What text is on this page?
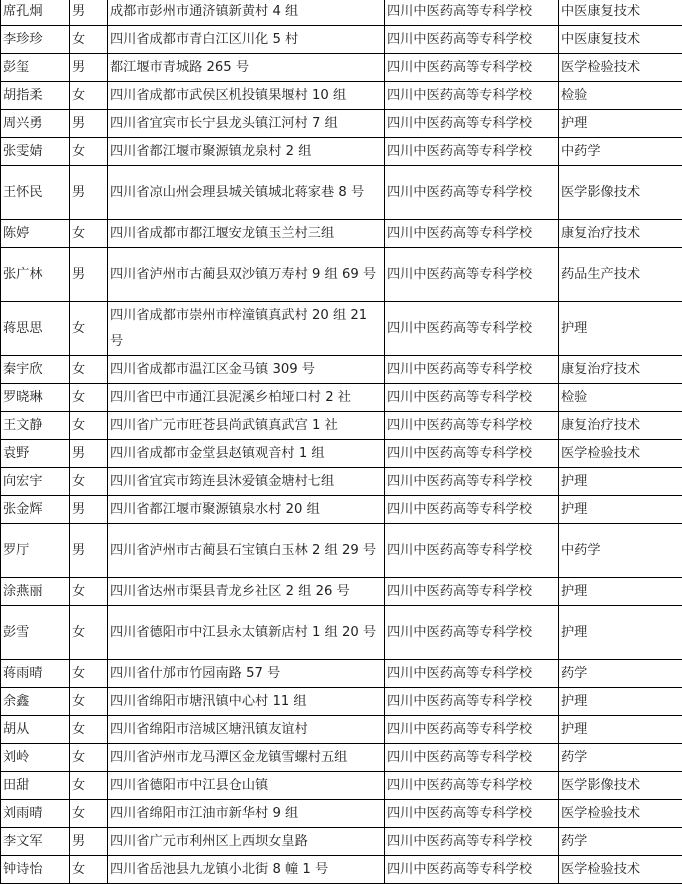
席孔炯	男	成都市彭州市通济镇新黄村 4 组	四川中医药高等专科学校	中医康复技术
李珍珍	女	四川省成都市青白江区川化 5 村	四川中医药高等专科学校	中医康复技术
彭玺	男	都江堰市青城路 265 号	四川中医药高等专科学校	医学检验技术
胡指柔	女	四川省成都市武侯区机投镇果堰村 10 组	四川中医药高等专科学校	检验
周兴勇	男	四川省宜宾市长宁县龙头镇江河村 7 组	四川中医药高等专科学校	护理
张雯婧	女	四川省都江堰市聚源镇龙泉村 2 组	四川中医药高等专科学校	中药学
王怀民	男	四川省凉山州会理县城关镇城北蒋家巷 8 号	四川中医药高等专科学校	医学影像技术
陈婷	女	四川省成都市都江堰安龙镇玉兰村三组	四川中医药高等专科学校	康复治疗技术
张广林	男	四川省泸州市古蔺县双沙镇万寿村 9 组 69 号	四川中医药高等专科学校	药品生产技术
蒋思思	女	四川省成都市崇州市梓潼镇真武村 20 组 21 号	四川中医药高等专科学校	护理
秦宇欣	女	四川省成都市温江区金马镇 309 号	四川中医药高等专科学校	康复治疗技术
罗晓琳	女	四川省巴中市通江县泥溪乡柏垭口村 2 社	四川中医药高等专科学校	检验
王文静	女	四川省广元市旺苍县尚武镇真武宫 1 社	四川中医药高等专科学校	康复治疗技术
袁野	男	四川省成都市金堂县赵镇观音村 1 组	四川中医药高等专科学校	医学检验技术
向宏宇	女	四川省宜宾市筠连县沐爱镇金塘村七组	四川中医药高等专科学校	护理
张金辉	男	四川省都江堰市聚源镇泉水村 20 组	四川中医药高等专科学校	护理
罗厅	男	四川省泸州市古蔺县石宝镇白玉林 2 组 29 号	四川中医药高等专科学校	中药学
涂燕丽	女	四川省达州市渠县青龙乡社区 2 组 26 号	四川中医药高等专科学校	护理
彭雪	女	四川省德阳市中江县永太镇新店村 1 组 20 号	四川中医药高等专科学校	护理
蒋雨晴	女	四川省什邡市竹园南路 57 号	四川中医药高等专科学校	药学
余鑫	女	四川省绵阳市塘汛镇中心村 11 组	四川中医药高等专科学校	护理
胡从	女	四川省绵阳市涪城区塘汛镇友谊村	四川中医药高等专科学校	护理
刘岭	女	四川省泸州市龙马潭区金龙镇雪螺村五组	四川中医药高等专科学校	药学
田甜	女	四川省德阳市中江县仓山镇	四川中医药高等专科学校	医学影像技术
刘雨晴	女	四川省绵阳市江油市新华村 9 组	四川中医药高等专科学校	医学检验技术
李文军	男	四川省广元市利州区上西坝女皇路	四川中医药高等专科学校	药学
钟诗怡	女	四川省岳池县九龙镇小北街 8 幢 1 号	四川中医药高等专科学校	医学检验技术
